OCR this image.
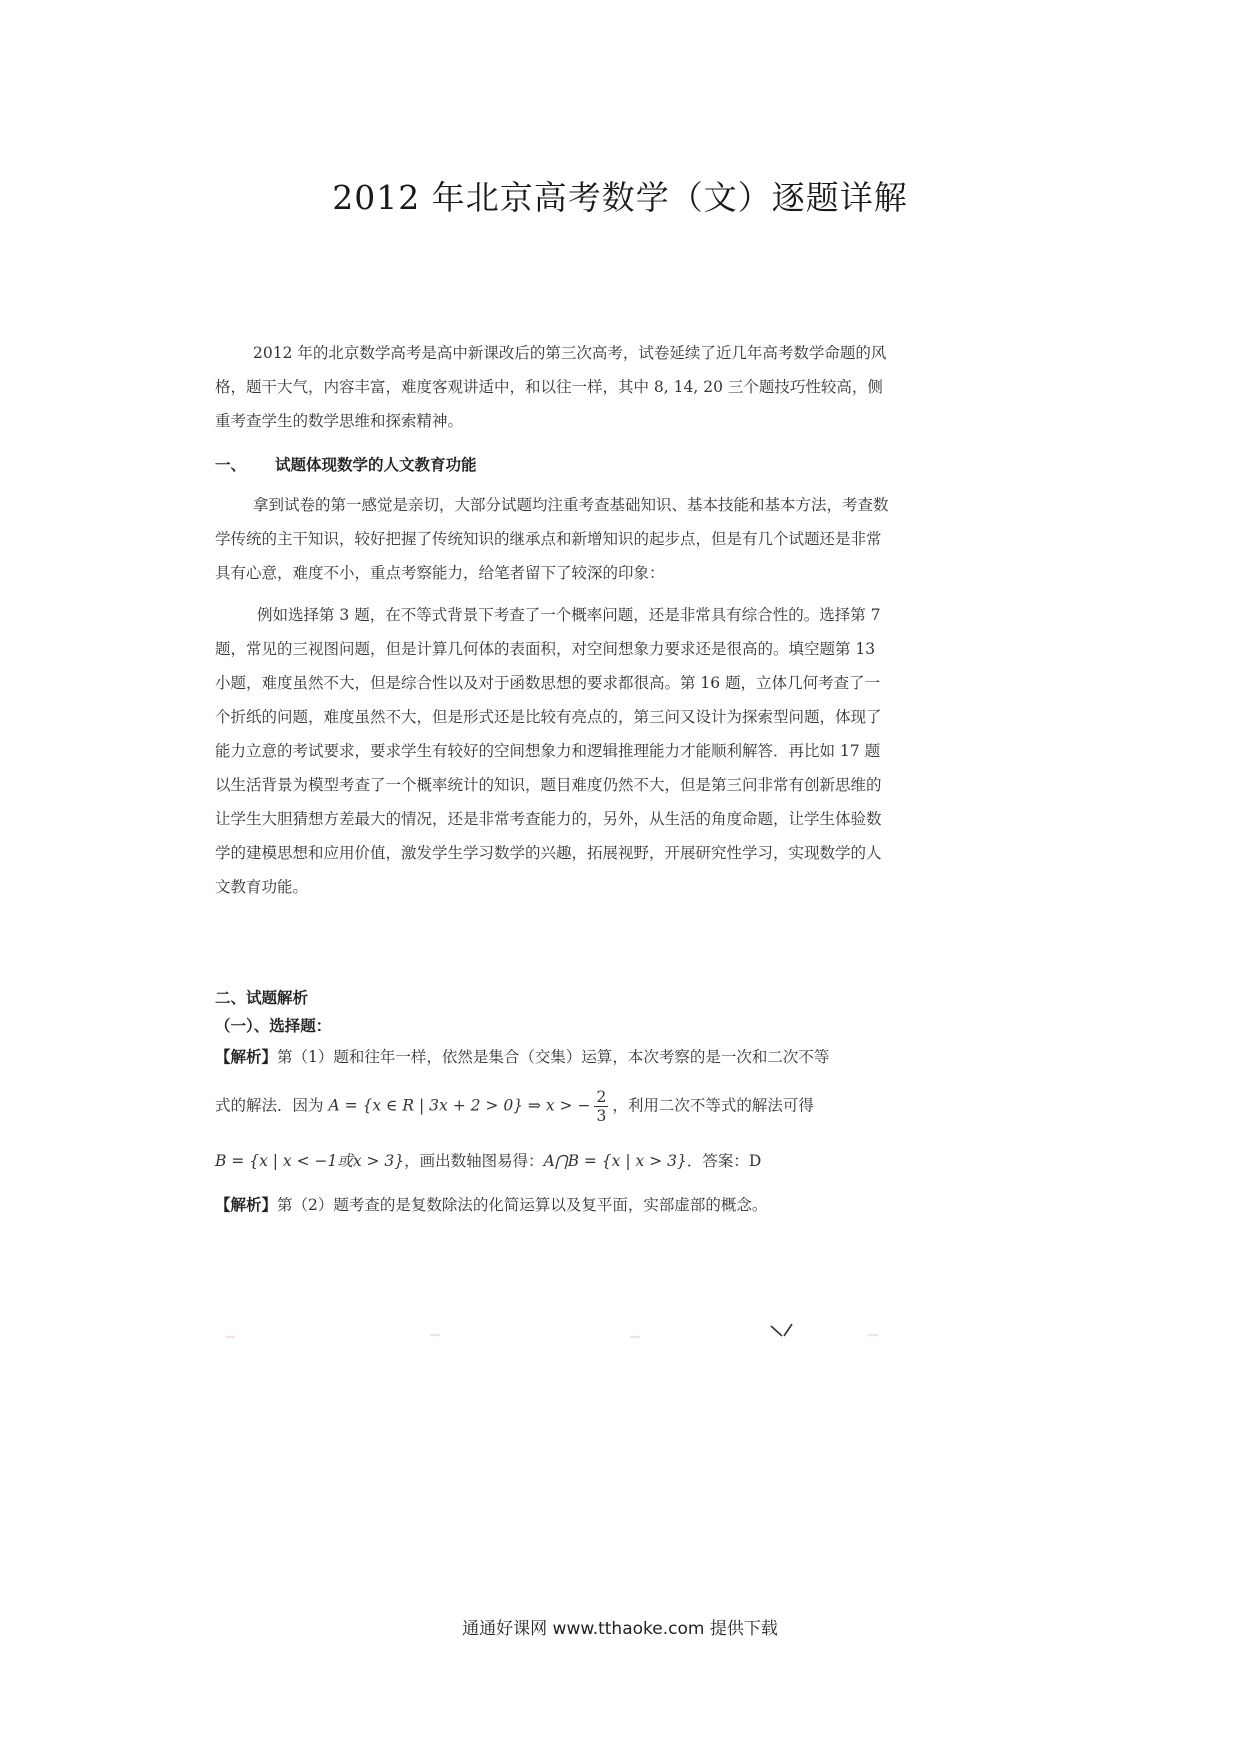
2012 年北京高考数学（文）逐题详解
2012 年的北京数学高考是高中新课改后的第三次高考，试卷延续了近几年高考数学命题的风格，题干大气，内容丰富，难度客观讲适中，和以往一样，其中 8, 14, 20 三个题技巧性较高，侧重考查学生的数学思维和探索精神。
一、 试题体现数学的人文教育功能
拿到试卷的第一感觉是亲切，大部分试题均注重考查基础知识、基本技能和基本方法，考查数学传统的主干知识，较好把握了传统知识的继承点和新增知识的起步点，但是有几个试题还是非常具有心意，难度不小，重点考察能力，给笔者留下了较深的印象：
例如选择第 3 题，在不等式背景下考查了一个概率问题，还是非常具有综合性的。选择第 7 题，常见的三视图问题，但是计算几何体的表面积，对空间想象力要求还是很高的。填空题第 13 小题，难度虽然不大，但是综合性以及对于函数思想的要求都很高。第 16 题，立体几何考查了一个折纸的问题，难度虽然不大，但是形式还是比较有亮点的，第三问又设计为探索型问题，体现了能力立意的考试要求，要求学生有较好的空间想象力和逻辑推理能力才能顺利解答．再比如 17 题以生活背景为模型考查了一个概率统计的知识，题目难度仍然不大，但是第三问非常有创新思维的让学生大胆猜想方差最大的情况，还是非常考查能力的，另外，从生活的角度命题，让学生体验数学的建模思想和应用价值，激发学生学习数学的兴趣，拓展视野，开展研究性学习，实现数学的人文教育功能。
二、试题解析
（一）、选择题：
【解析】第（1）题和往年一样，依然是集合（交集）运算，本次考察的是一次和二次不等
式的解法．因为 A = {x ∈ R | 3x + 2 > 0} ⇒ x > − $\frac{2}{3}$ ，利用二次不等式的解法可得
B = {x | x < −1或x > 3}，画出数轴图易得：A⋂B = {x | x > 3}．答案：D
【解析】第（2）题考查的是复数除法的化简运算以及复平面，实部虚部的概念。
通通好课网 www.tthaoke.com 提供下载
